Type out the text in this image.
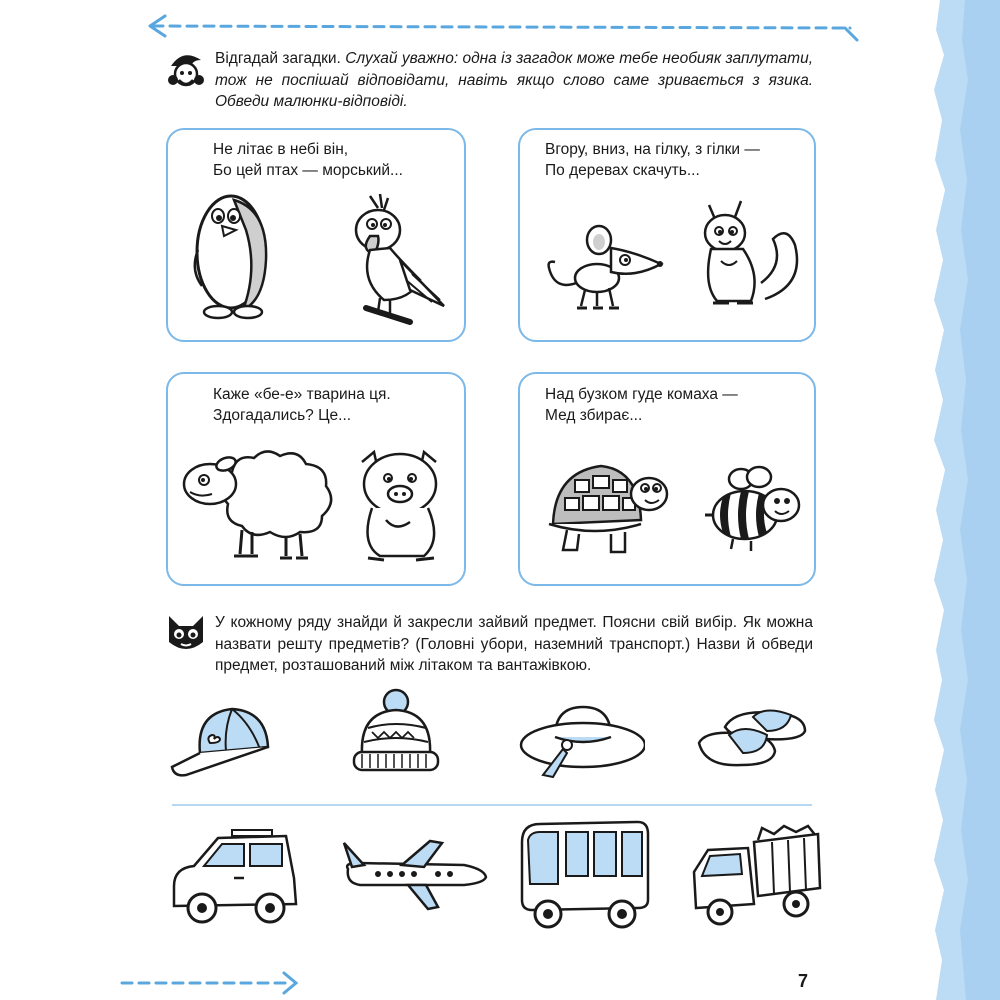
Відгадай загадки. Слухай уважно: одна із загадок може тебе необияк заплутати, тож не поспішай відповідати, навіть якщо слово саме зривається з язика. Обведи малюнки-відповіді.
Не літає в небі він,
Бо цей птах — морський...
Вгору, вниз, на гілку, з гілки —
По деревах скачуть...
Каже «бе-е» тварина ця.
Здогадались? Це...
Над бузком гуде комаха —
Мед збирає...
У кожному ряду знайди й закресли зайвий предмет. Поясни свій вибір. Як можна назвати решту предметів? (Головні убори, наземний транспорт.) Назви й обведи предмет, розташований між літаком та вантажівкою.
7
